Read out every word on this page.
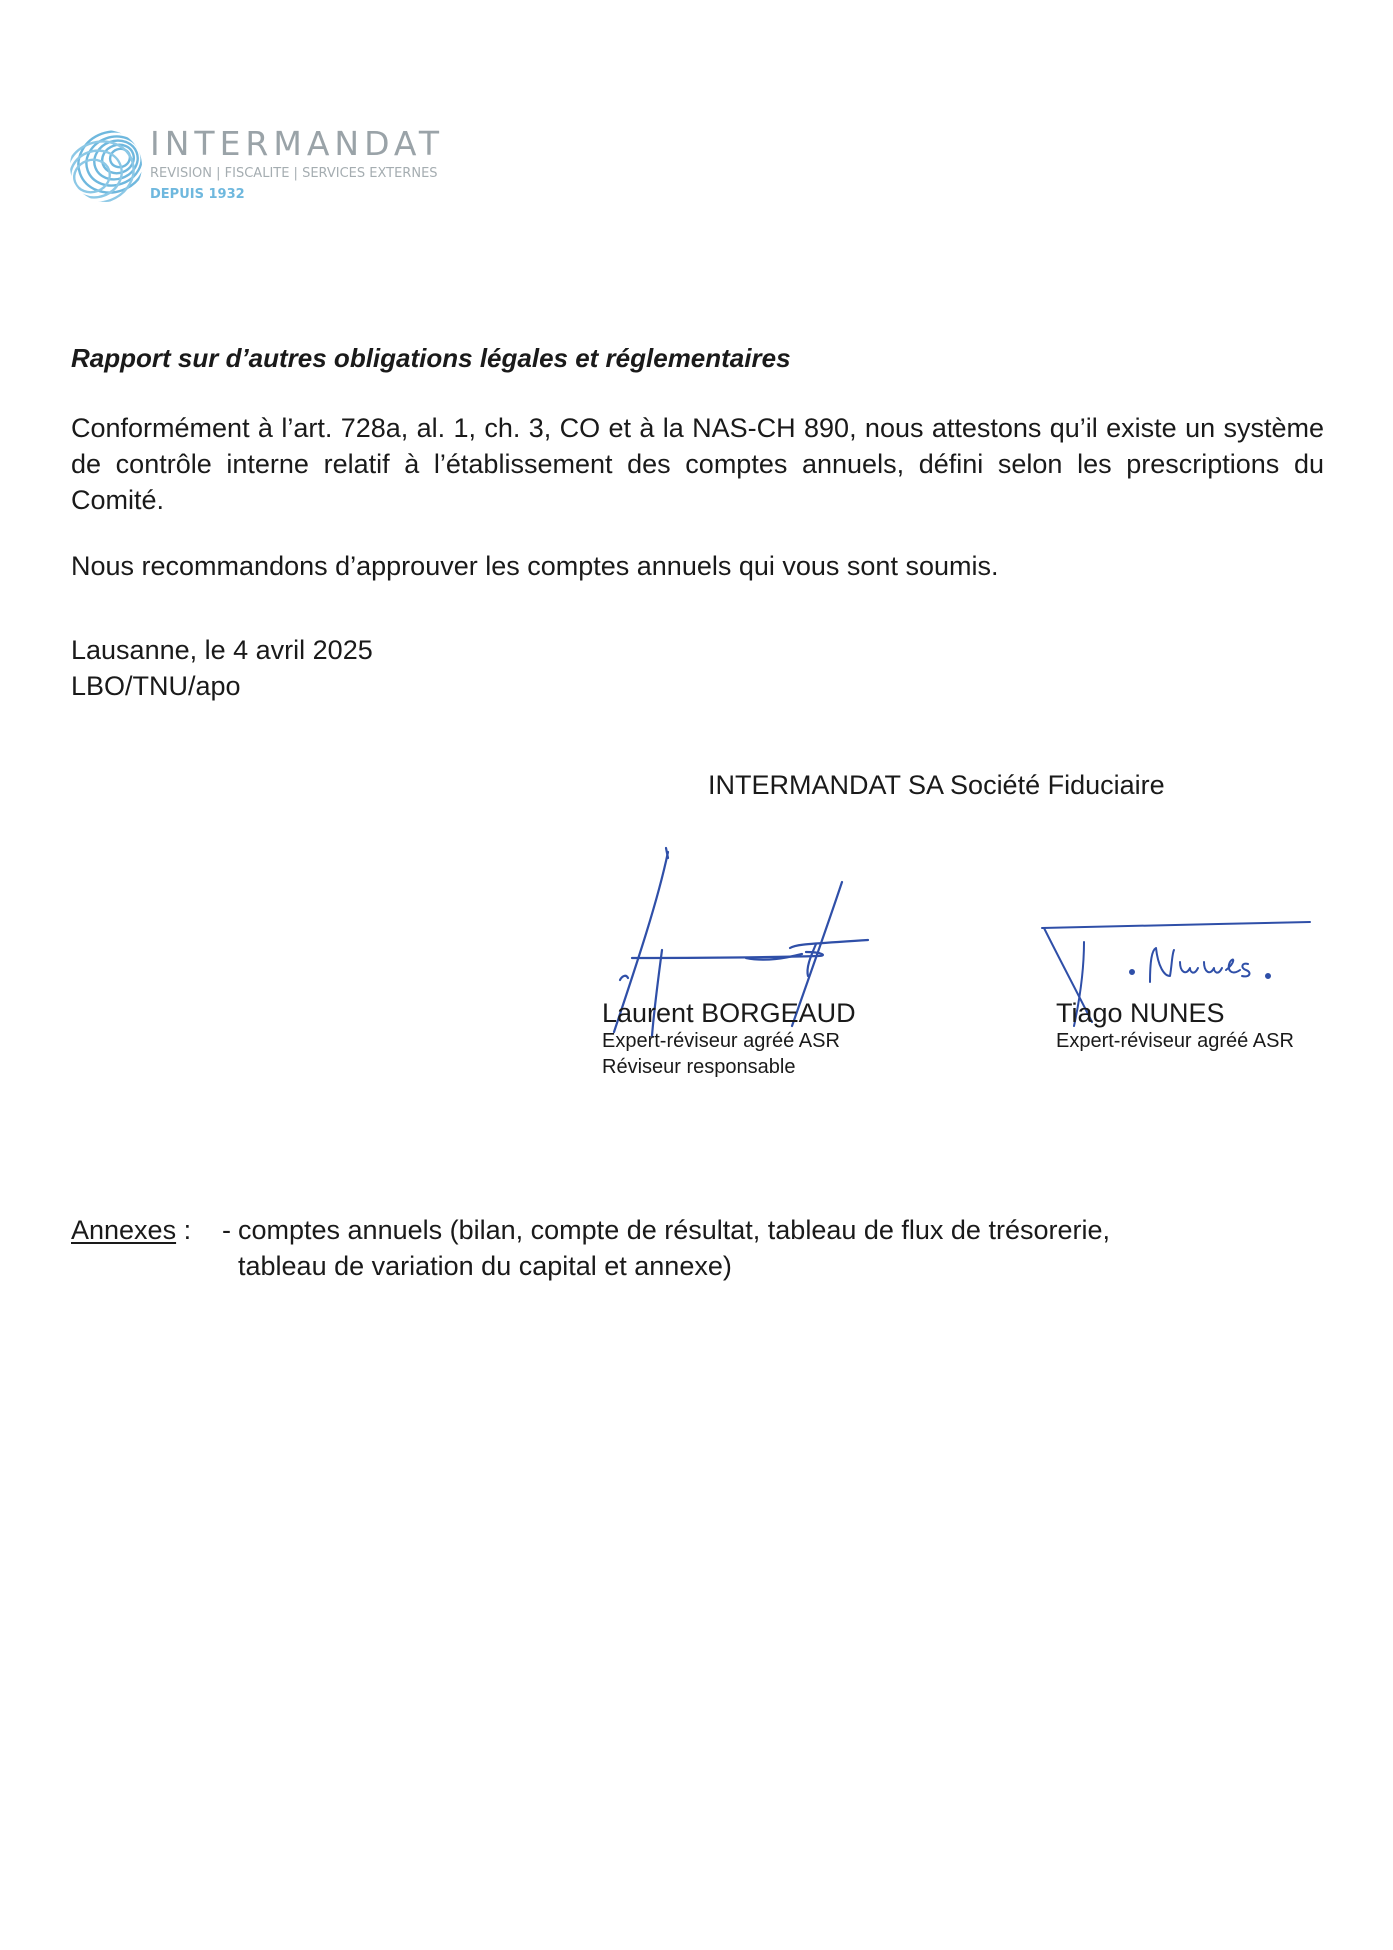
INTERMANDAT
REVISION | FISCALITE | SERVICES EXTERNES
DEPUIS 1932
Rapport sur d’autres obligations légales et réglementaires
Conformément à l’art. 728a, al. 1, ch. 3, CO et à la NAS-CH 890, nous attestons qu’il existe un système de contrôle interne relatif à l’établissement des comptes annuels, défini selon les prescriptions du Comité.
Nous recommandons d’approuver les comptes annuels qui vous sont soumis.
Lausanne, le 4 avril 2025
LBO/TNU/apo
INTERMANDAT SA Société Fiduciaire
Laurent BORGEAUD
Expert-réviseur agréé ASR
Réviseur responsable
Tiago NUNES
Expert-réviseur agréé ASR
Annexes : - comptes annuels (bilan, compte de résultat, tableau de flux de trésorerie,
tableau de variation du capital et annexe)
